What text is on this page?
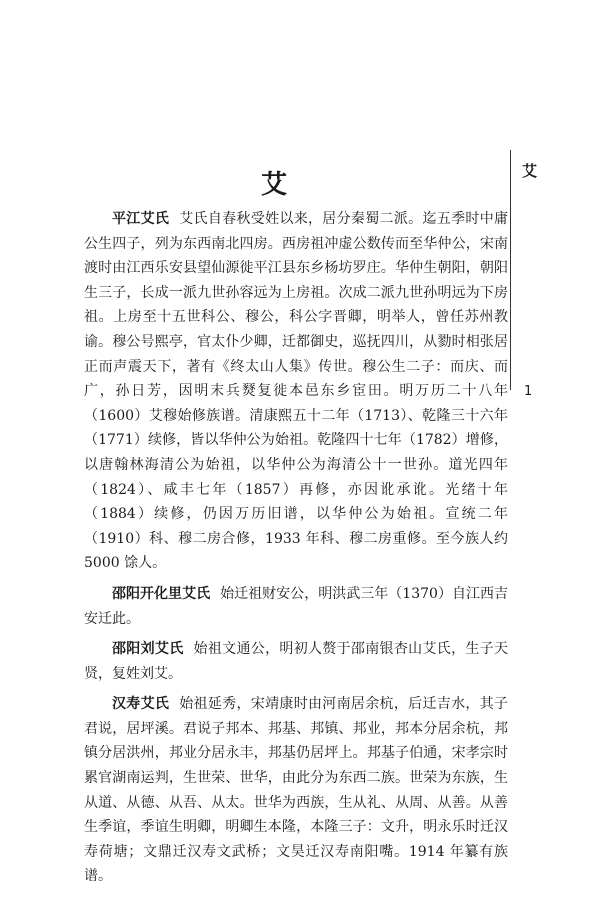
艾
1
艾

平江艾氏 艾氏自春秋受姓以来，居分秦蜀二派。迄五季时中庸公生四子，列为东西南北四房。西房祖冲虚公数传而至华仲公，宋南渡时由江西乐安县望仙源徙平江县东乡杨坊罗庄。华仲生朝阳，朝阳生三子，长成一派九世孙容远为上房祖。次成二派九世孙明远为下房祖。上房至十五世科公、穆公，科公字晋卿，明举人，曾任苏州教谕。穆公号熙亭，官太仆少卿，迁都御史，巡抚四川，从勠时相张居正而声震天下，著有《终太山人集》传世。穆公生二子：而庆、而广，孙日芳，因明末兵燹复徙本邑东乡宦田。明万历二十八年（1600）艾穆始修族谱。清康熙五十二年（1713）、乾隆三十六年（1771）续修，皆以华仲公为始祖。乾隆四十七年（1782）增修，以唐翰林海清公为始祖，以华仲公为海清公十一世孙。道光四年（1824）、咸丰七年（1857）再修，亦因讹承讹。光绪十年（1884）续修，仍因万历旧谱，以华仲公为始祖。宣统二年（1910）科、穆二房合修，1933 年科、穆二房重修。至今族人约 5000 馀人。

邵阳开化里艾氏 始迁祖财安公，明洪武三年（1370）自江西吉安迁此。

邵阳刘艾氏 始祖文通公，明初人赘于邵南银杏山艾氏，生子天贤，复姓刘艾。

汉寿艾氏 始祖延秀，宋靖康时由河南居余杭，后迁吉水，其子君说，居坪溪。君说子邦本、邦基、邦镇、邦业，邦本分居余杭，邦镇分居洪州，邦业分居永丰，邦基仍居坪上。邦基子伯通，宋孝宗时累官湖南运判，生世荣、世华，由此分为东西二族。世荣为东族，生从道、从德、从吾、从太。世华为西族，生从礼、从周、从善。从善生季谊，季谊生明卿，明卿生本隆，本隆三子：文升，明永乐时迁汉寿荷塘；文鼎迁汉寿文武桥；文昊迁汉寿南阳嘴。1914 年纂有族谱。
